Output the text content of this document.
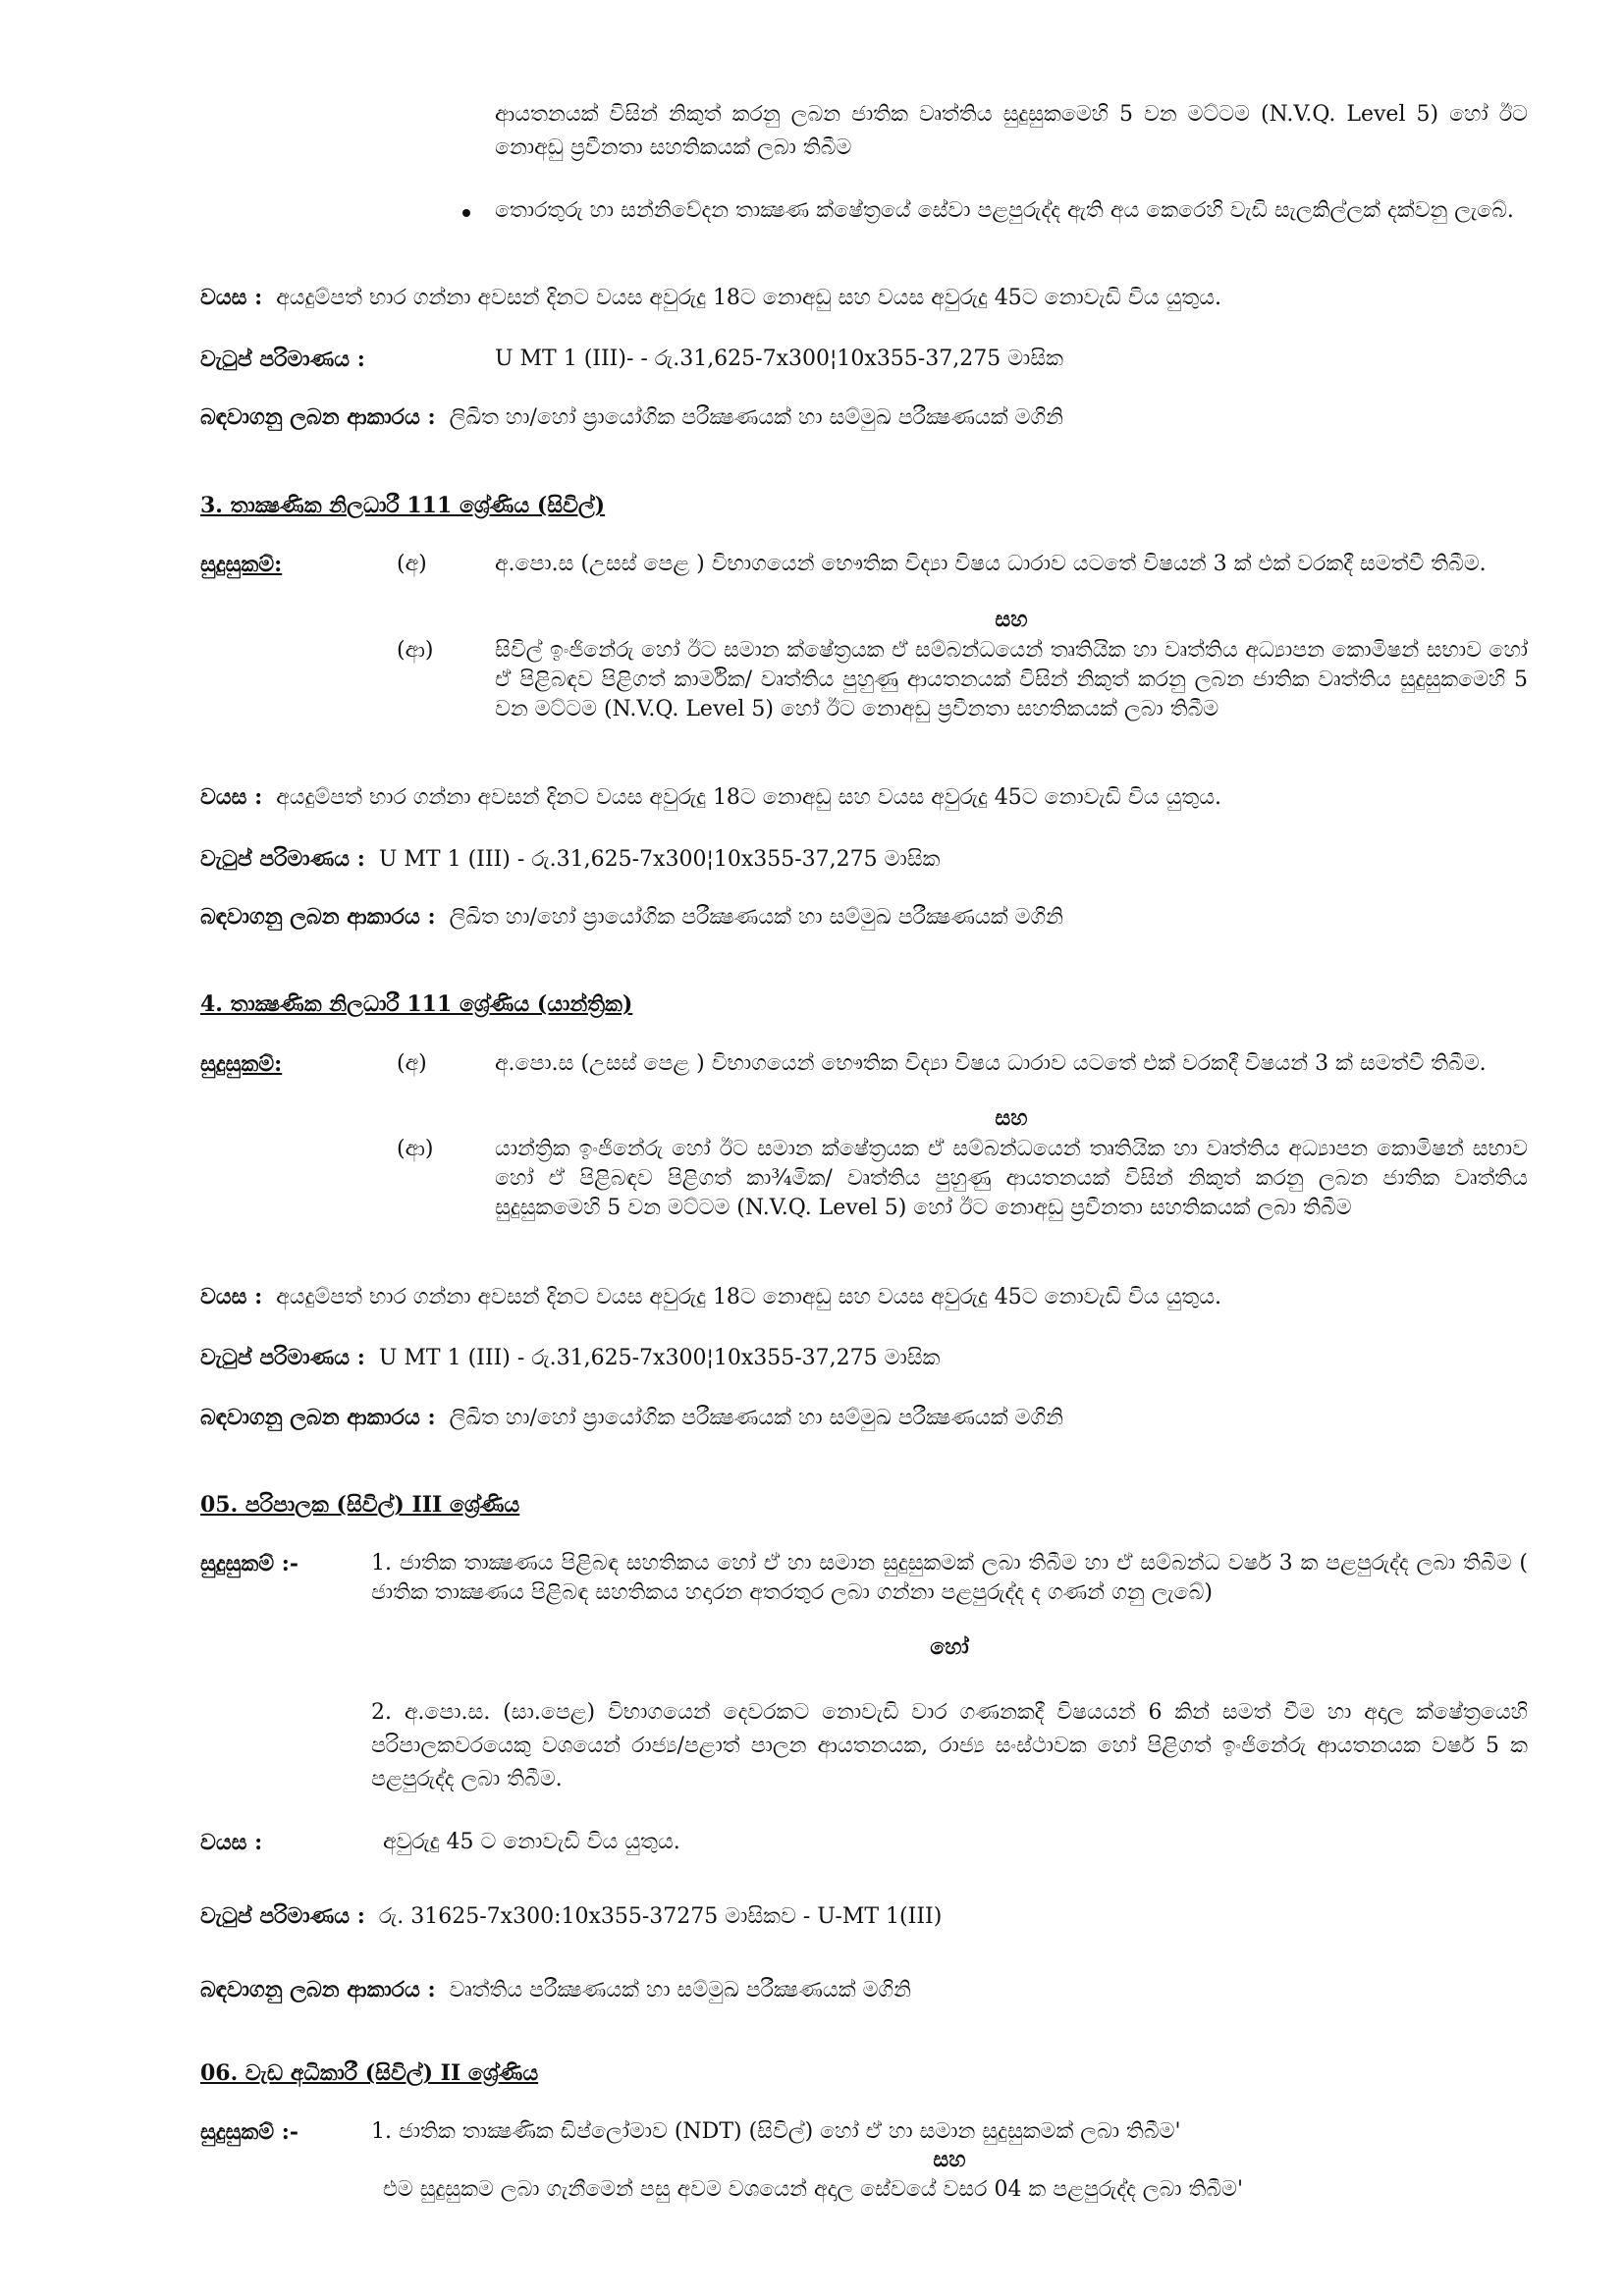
ආයතනයක් විසින් නිකුත් කරනු ලබන ජාතික වෘත්තිය සුදුසුකමෙහි 5 වන මට්ටම (N.V.Q. Level 5) හෝ ඊට නොඅඩු ප්‍රවීනතා සහතිකයක් ලබා තිබීම
තොරතුරු හා සන්නිවේදන තාක්‍ෂණ ක්ෂේත්‍රයේ සේවා පළපුරුද්ද ඇති අය කෙරෙහි වැඩි සැලකිල්ලක් දක්වනු ලැබේ.
වයස : අයදුම්පත් භාර ගන්නා අවසන් දිනට වයස අවුරුදු 18ට නොඅඩු සහ වයස අවුරුදු 45ට නොවැඩි විය යුතුය.
වැටුප් පරිමාණය :	U MT 1 (III)- - රු.31,625-7x300¦10x355-37,275 මාසික
බඳවාගනු ලබන ආකාරය : ලිඛිත හා/හෝ ප්‍රායෝගික පරීක්‍ෂණයක් හා සම්මුඛ පරීක්‍ෂණයක් මගිනි
3. තාක්‍ෂණික නිලධාරී 111 ශ්‍රේණිය (සිවිල්)
සුදුසුකම්:	(අ)	අ.පො.ස (උසස් පෙළ ) විභාගයෙන් භෞතික විද්‍යා විෂය ධාරාව යටතේ විෂයන් 3 ක් එක් වරකදී සමත්වී තිබීම.
සහ
(ආ)	සිවිල් ඉංජිනේරු හෝ ඊට සමාන ක්ෂේත්‍රයක ඒ සම්බන්ධයෙන් තෘතියික හා වෘත්තිය අධ්‍යාපන කොමිෂන් සභාව හෝ ඒ පිළිබඳව පිළිගත් කාර්මික/ වෘත්තිය පුහුණු ආයතනයක් විසින් නිකුත් කරනු ලබන ජාතික වෘත්තිය සුදුසුකමෙහි 5 වන මට්ටම (N.V.Q. Level 5) හෝ ඊට නොඅඩු ප්‍රවීනතා සහතිකයක් ලබා තිබීම
වයස : අයදුම්පත් භාර ගන්නා අවසන් දිනට වයස අවුරුදු 18ට නොඅඩු සහ වයස අවුරුදු 45ට නොවැඩි විය යුතුය.
වැටුප් පරිමාණය : U MT 1 (III) - රු.31,625-7x300¦10x355-37,275 මාසික
බඳවාගනු ලබන ආකාරය : ලිඛිත හා/හෝ ප්‍රායෝගික පරීක්‍ෂණයක් හා සම්මුඛ පරීක්‍ෂණයක් මගිනි
4. තාක්‍ෂණික නිලධාරී 111 ශ්‍රේණිය (යාන්ත්‍රික)
සුදුසුකම්:	(අ)	අ.පො.ස (උසස් පෙළ ) විභාගයෙන් භෞතික විද්‍යා විෂය ධාරාව යටතේ එක් වරකදී විෂයන් 3 ක් සමත්වී තිබීම.
සහ
(ආ)	යාන්ත්‍රික ඉංජිනේරු හෝ ඊට සමාන ක්ෂේත්‍රයක ඒ සම්බන්ධයෙන් තෘතියික හා වෘත්තිය අධ්‍යාපන කොමිෂන් සභාව හෝ ඒ පිළිබඳව පිළිගත් කා¾මික/ වෘත්තිය පුහුණු ආයතනයක් විසින් නිකුත් කරනු ලබන ජාතික වෘත්තිය සුදුසුකමෙහි 5 වන මට්ටම (N.V.Q. Level 5) හෝ ඊට නොඅඩු ප්‍රවීනතා සහතිකයක් ලබා තිබීම
වයස : අයදුම්පත් භාර ගන්නා අවසන් දිනට වයස අවුරුදු 18ට නොඅඩු සහ වයස අවුරුදු 45ට නොවැඩි විය යුතුය.
වැටුප් පරිමාණය : U MT 1 (III) - රු.31,625-7x300¦10x355-37,275 මාසික
බඳවාගනු ලබන ආකාරය : ලිඛිත හා/හෝ ප්‍රායෝගික පරීක්‍ෂණයක් හා සම්මුඛ පරීක්‍ෂණයක් මගිනි
05. පරිපාලක (සිවිල්) III ශ්‍රේණිය
සුදුසුකම් :-	1. ජාතික තාක්‍ෂණය පිළිබඳ සහතිකය හෝ ඒ හා සමාන සුදුසුකමක් ලබා තිබීම හා ඒ සම්බන්ධ වර්ෂ 3 ක පළපුරුද්ද ලබා තිබීම ( ජාතික තාක්‍ෂණය පිළිබඳ සහතිකය හදාරන අතරතුර ලබා ගන්නා පළපුරුද්ද ද ගණන් ගනු ලැබේ)
හෝ
2. අ.පො.ස. (සා.පෙළ) විභාගයෙන් දෙවරකට නොවැඩි වාර ගණනකදී විෂයයන් 6 කින් සමත් වීම හා අදාල ක්ෂේත්‍රයෙහි පරිපාලකවරයෙකු වශයෙන් රාජ්‍ය/පළාත් පාලන ආයතනයක, රාජ්‍ය සංස්ථාවක හෝ පිළිගත් ඉංජිනේරු ආයතනයක වර්ෂ 5 ක පළපුරුද්ද ලබා තිබීම.
වයස :	අවුරුදු 45 ට නොවැඩි විය යුතුය.
වැටුප් පරිමාණය : රු. 31625-7x300:10x355-37275 මාසිකව - U-MT 1(III)
බඳවාගනු ලබන ආකාරය : වෘත්තිය පරීක්‍ෂණයක් හා සම්මුඛ පරීක්‍ෂණයක් මගිනි
06. වැඩ අධිකාරී (සිවිල්) II ශ්‍රේණිය
සුදුසුකම් :-	1. ජාතික තාක්‍ෂණික ඩිප්ලෝමාව (NDT) (සිවිල්) හෝ ඒ හා සමාන සුදුසුකමක් ලබා තිබීම'
සහ
එම සුදුසුකම ලබා ගැනීමෙන් පසු අවම වශයෙන් අදාල සේවයේ වසර 04 ක පළපුරුද්ද ලබා තිබීම'
